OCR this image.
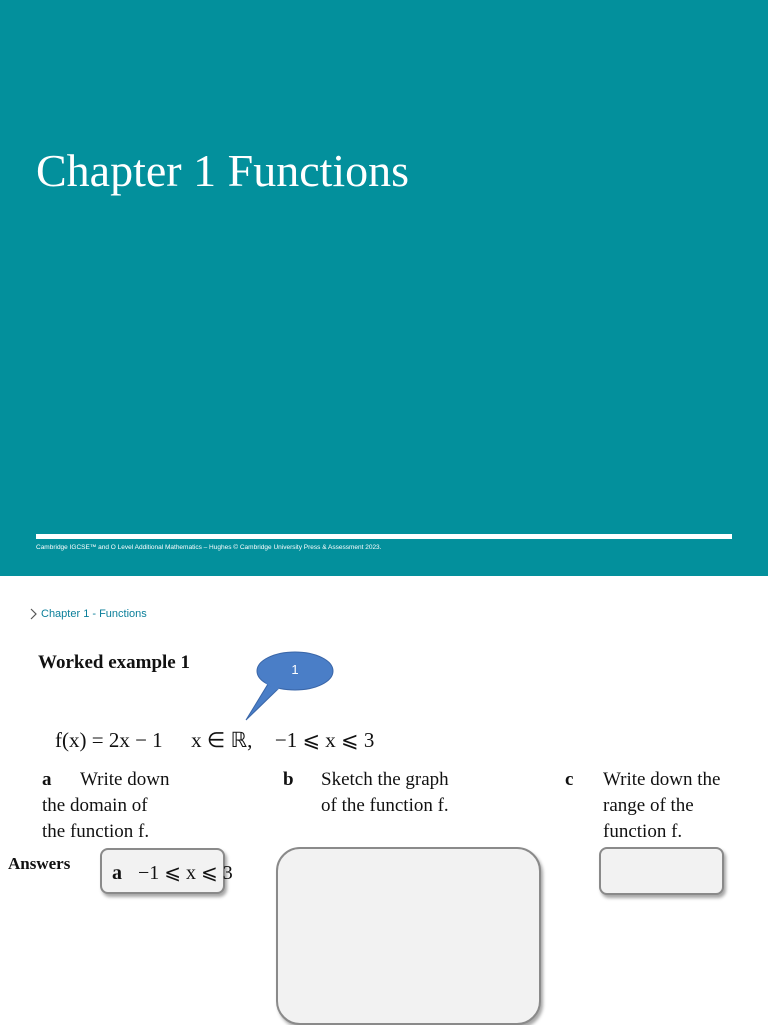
Chapter 1 Functions
Cambridge IGCSE™ and O Level Additional Mathematics – Hughes © Cambridge University Press & Assessment 2023.
Chapter 1 - Functions
Worked example 1	1
f(x) = 2x − 1 x ∈ ℝ, −1 ⩽ x ⩽ 3
a	Write down
the domain of
the function f.
b	Sketch the graph
of the function f.
c	Write down the
range of the
function f.
Answers a −1 ⩽ x ⩽ 3
